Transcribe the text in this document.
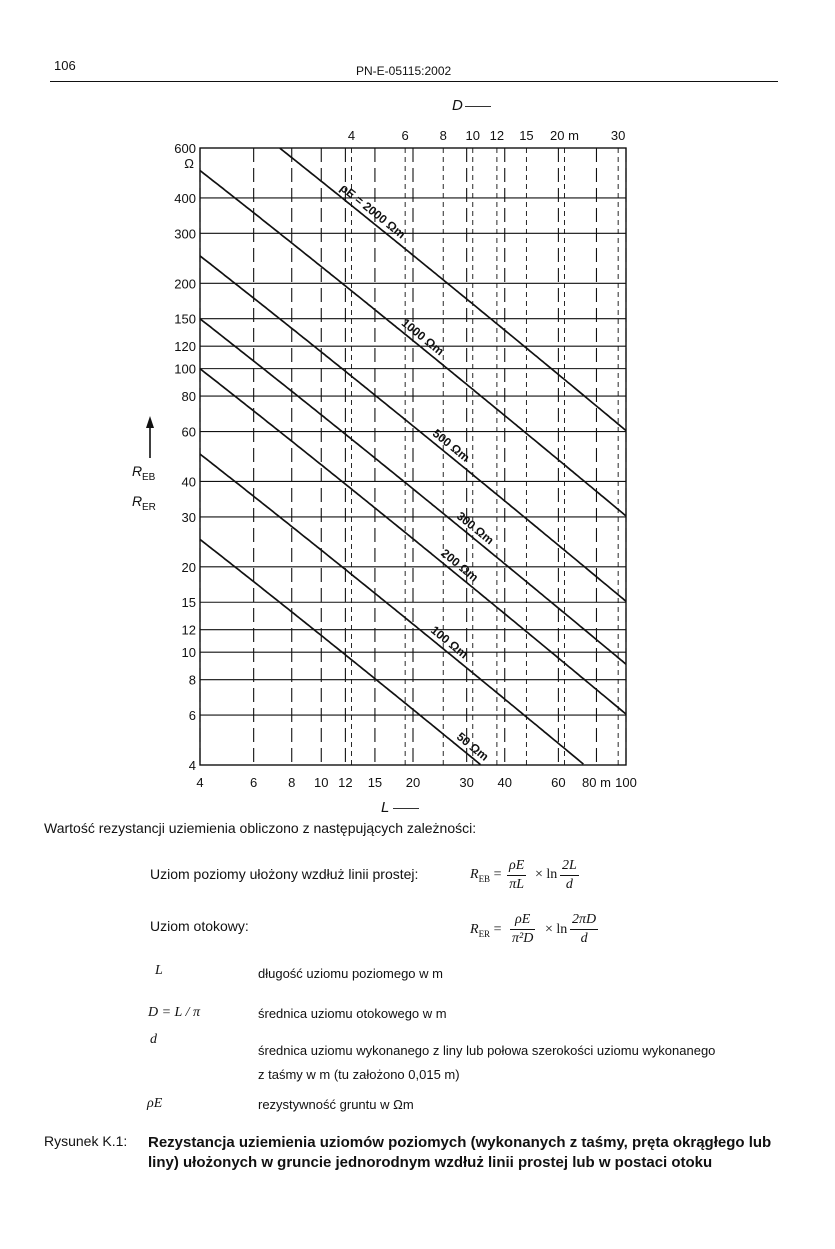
106	PN-E-05115:2002
4
6
8
10
12
15
20
30
40
60
80
100
120
150
200
300
400
600
Ω
4	6 8 10 12 15 20	30 40	60 80 m 100
4	6 8 10 12 15 20 m 30
D ——
L ——
R EB
R ER
ρE = 2000 Ωm
1000 Ωm
500 Ωm
300 Ωm
200 Ωm
100 Ωm
50 Ωm
Wartość rezystancji uziemienia obliczono z następujących zależności:
Uziom poziomy ułożony wzdłuż linii prostej:	$R_{EB}$ =
ρE
πL
× ln
2L
d
Uziom otokowy:	$R_{ER}$ =
ρE
π²D
× ln
2πD
d
L	długość uziomu poziomego w m
D = L / π	średnica uziomu otokowego w m
d
średnica uziomu wykonanego z liny lub połowa szerokości uziomu wykonanego
z taśmy w m (tu założono 0,015 m)
ρE	rezystywność gruntu w Ωm
Rysunek K.1: Rezystancja uziemienia uziomów poziomych (wykonanych z taśmy, pręta okrągłego lub liny) ułożonych w gruncie jednorodnym wzdłuż linii prostej lub w postaci otoku
